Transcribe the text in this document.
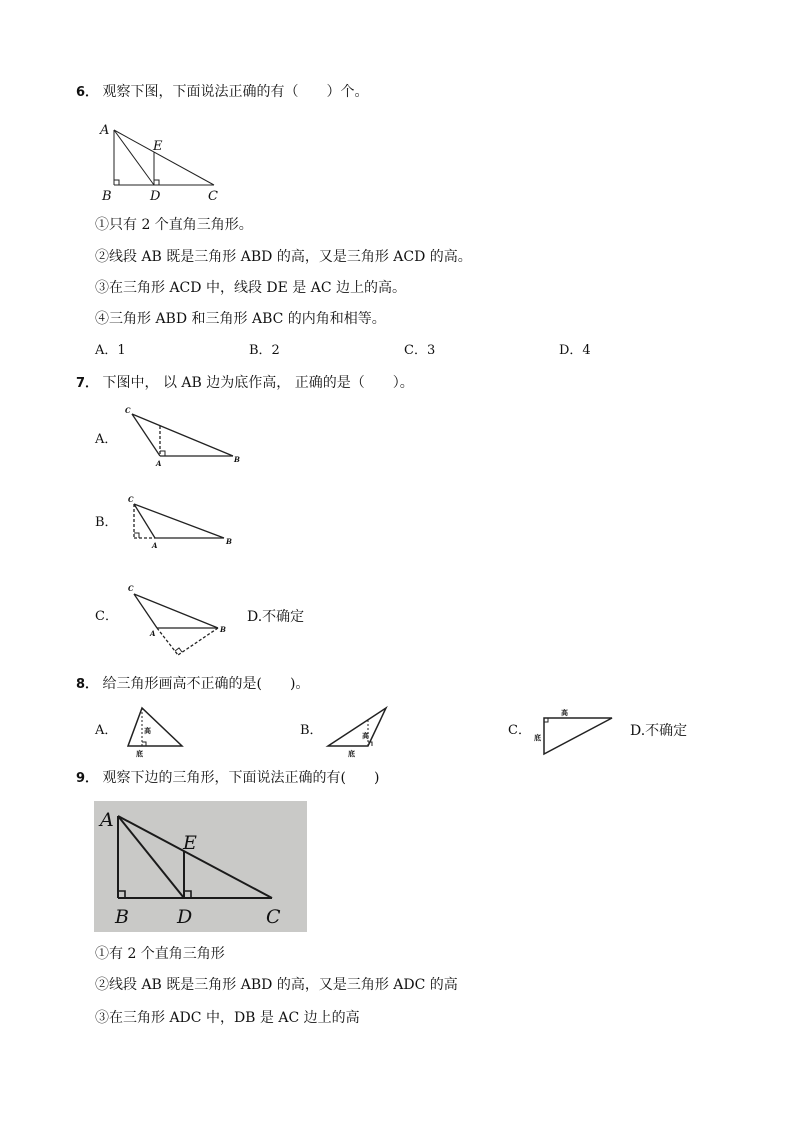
6． 观察下图，下面说法正确的有（　　）个。
A
B	D	C
E
①只有 2 个直角三角形。
②线段 AB 既是三角形 ABD 的高，又是三角形 ACD 的高。
③在三角形 ACD 中，线段 DE 是 AC 边上的高。
④三角形 ABD 和三角形 ABC 的内角和相等。
A．1	B．2	C．3	D．4
7． 下图中， 以 AB 边为底作高， 正确的是（　　）。
A．
C
A	B
B．
C
A	B
C．
C
A	B
D.不确定
8． 给三角形画高不正确的是(　　)。
A．	高
底
B．	高
底
C．
高
底	D.不确定
9． 观察下边的三角形，下面说法正确的有(　　)
A
B	D	C
E
①有 2 个直角三角形
②线段 AB 既是三角形 ABD 的高，又是三角形 ADC 的高
③在三角形 ADC 中，DB 是 AC 边上的高
